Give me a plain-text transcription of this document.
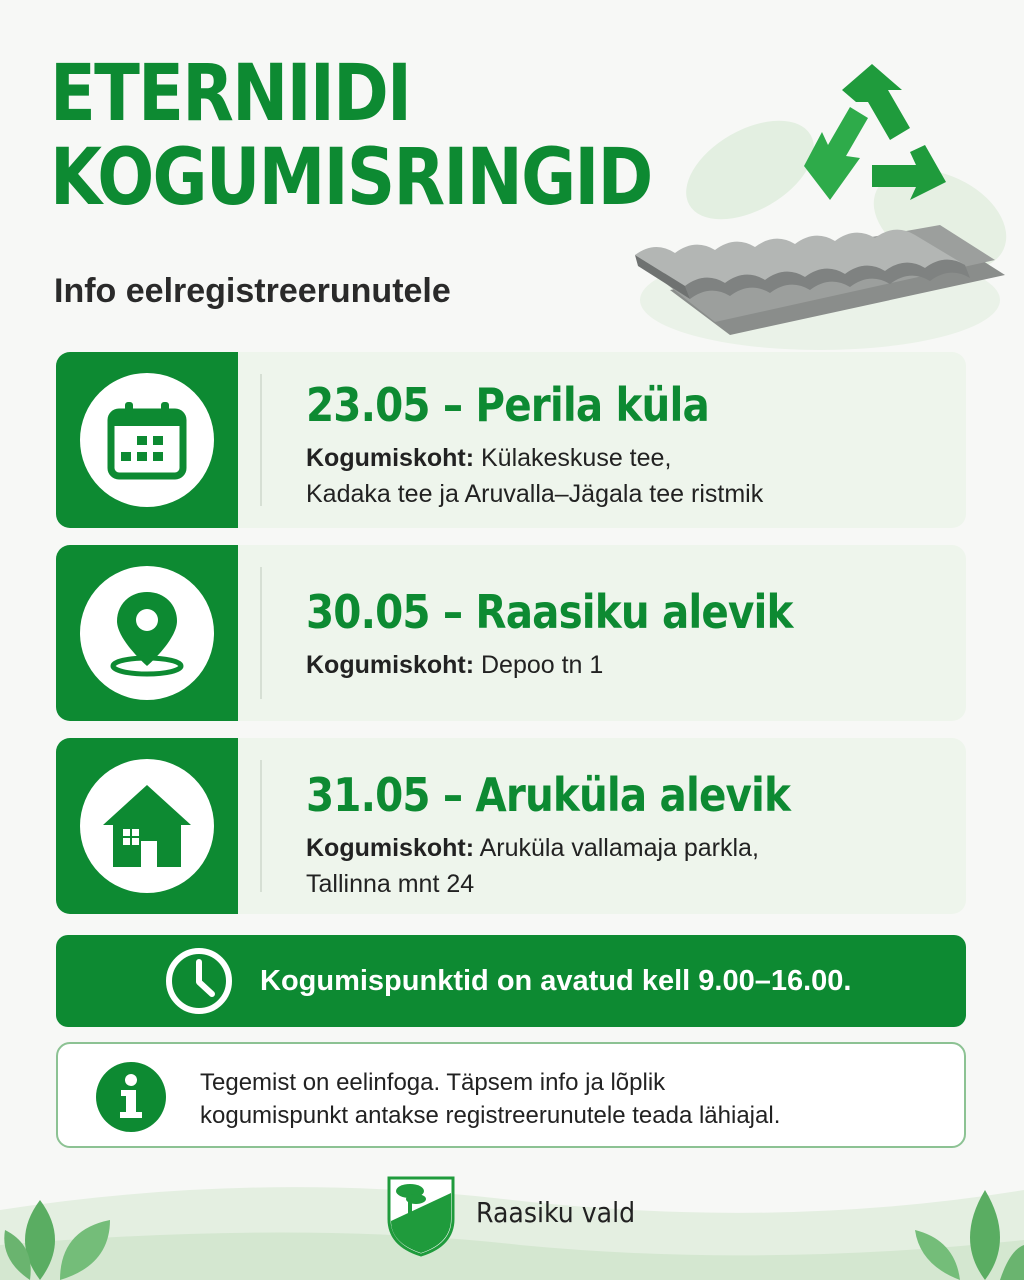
ETERNIIDI
KOGUMISRINGID
Info eelregistreerunutele
23.05 – Perila küla
Kogumiskoht: Külakeskuse tee,
Kadaka tee ja Aruvalla–Jägala tee ristmik
30.05 – Raasiku alevik
Kogumiskoht: Depoo tn 1
31.05 – Aruküla alevik
Kogumiskoht: Aruküla vallamaja parkla,
Tallinna mnt 24
Kogumispunktid on avatud kell 9.00–16.00.
Tegemist on eelinfoga. Täpsem info ja lõplik
kogumispunkt antakse registreerunutele teada lähiajal.
Raasiku vald
